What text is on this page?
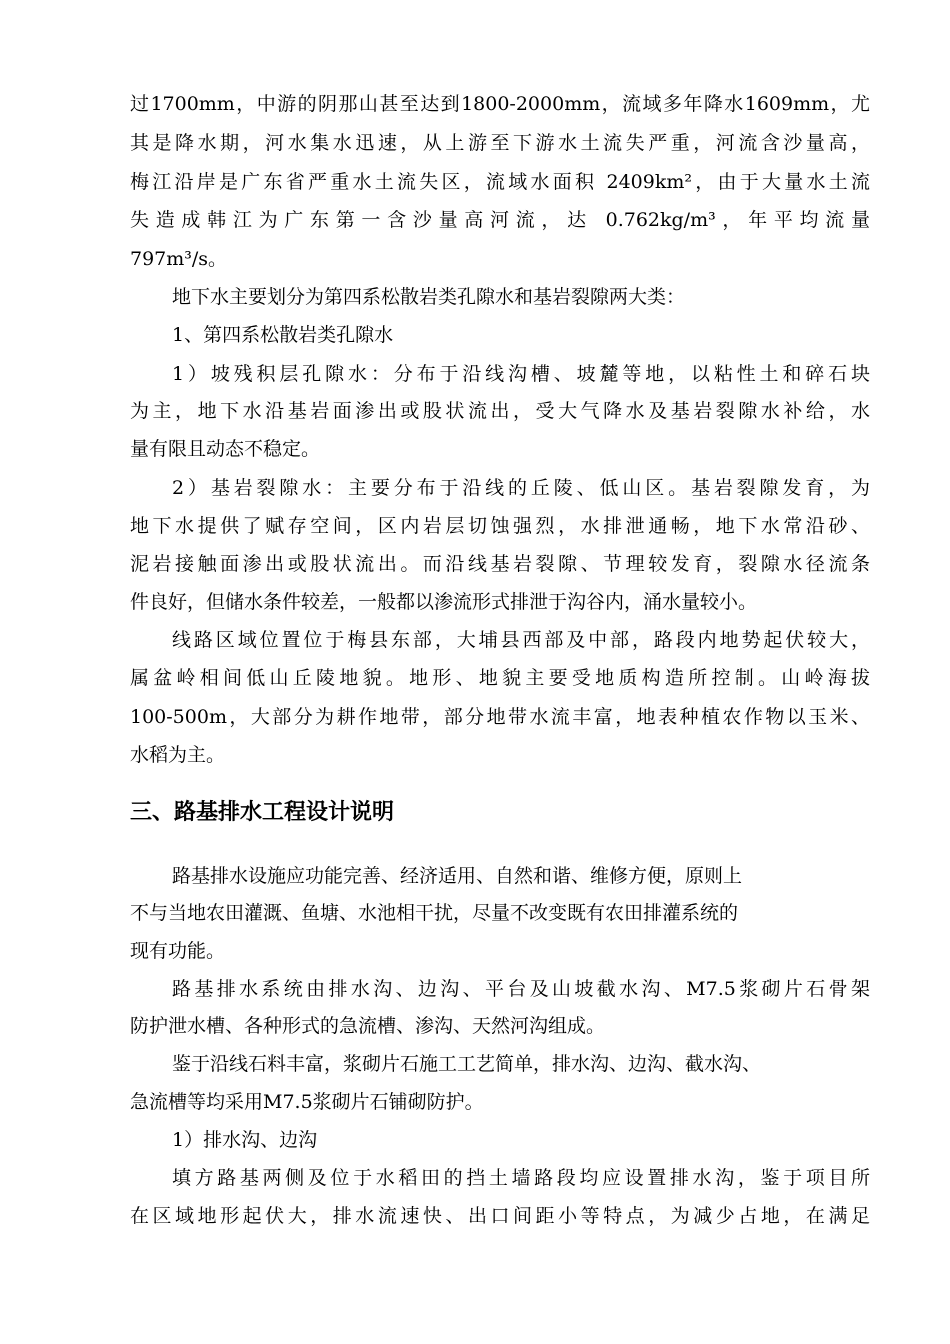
过1700mm，中游的阴那山甚至达到1800-2000mm，流域多年降水1609mm，尤
其是降水期，河水集水迅速，从上游至下游水土流失严重，河流含沙量高，
梅江沿岸是广东省严重水土流失区，流域水面积 2409km²，由于大量水土流
失造成韩江为广东第一含沙量高河流，达 0.762kg/m³，年平均流量
797m³/s。
地下水主要划分为第四系松散岩类孔隙水和基岩裂隙两大类：
1、第四系松散岩类孔隙水
1）坡残积层孔隙水：分布于沿线沟槽、坡麓等地，以粘性土和碎石块
为主，地下水沿基岩面渗出或股状流出，受大气降水及基岩裂隙水补给，水
量有限且动态不稳定。
2）基岩裂隙水：主要分布于沿线的丘陵、低山区。基岩裂隙发育，为
地下水提供了赋存空间，区内岩层切蚀强烈，水排泄通畅，地下水常沿砂、
泥岩接触面渗出或股状流出。而沿线基岩裂隙、节理较发育，裂隙水径流条
件良好，但储水条件较差，一般都以渗流形式排泄于沟谷内，涌水量较小。
线路区域位置位于梅县东部，大埔县西部及中部，路段内地势起伏较大，
属盆岭相间低山丘陵地貌。地形、地貌主要受地质构造所控制。山岭海拔
100-500m，大部分为耕作地带，部分地带水流丰富，地表种植农作物以玉米、
水稻为主。
三、路基排水工程设计说明
路基排水设施应功能完善、经济适用、自然和谐、维修方便，原则上
不与当地农田灌溉、鱼塘、水池相干扰，尽量不改变既有农田排灌系统的
现有功能。
路基排水系统由排水沟、边沟、平台及山坡截水沟、M7.5浆砌片石骨架
防护泄水槽、各种形式的急流槽、渗沟、天然河沟组成。
鉴于沿线石料丰富，浆砌片石施工工艺简单，排水沟、边沟、截水沟、
急流槽等均采用M7.5浆砌片石铺砌防护。
1）排水沟、边沟
填方路基两侧及位于水稻田的挡土墙路段均应设置排水沟，鉴于项目所
在区域地形起伏大，排水流速快、出口间距小等特点，为减少占地，在满足
